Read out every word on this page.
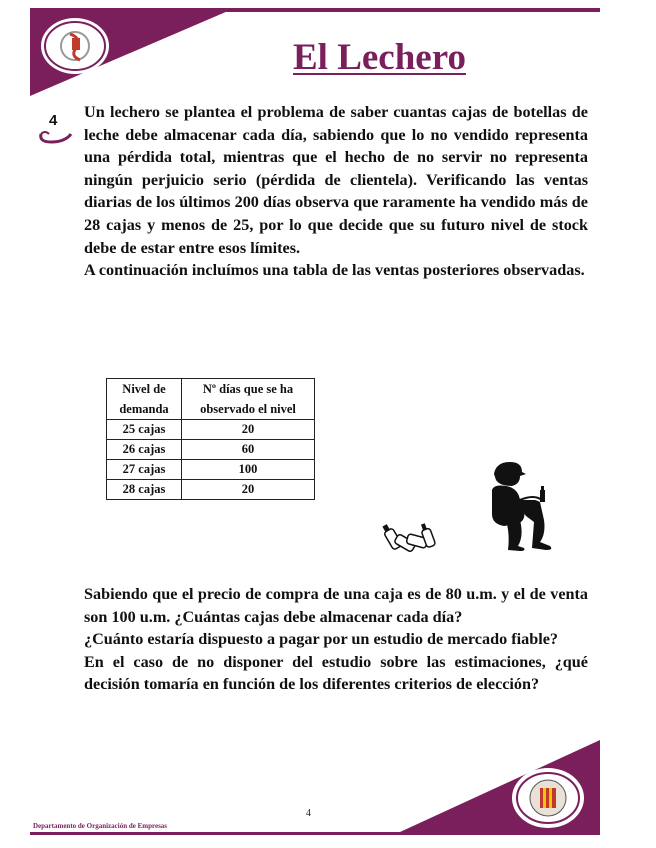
El Lechero
4 Un lechero se plantea el problema de saber cuantas cajas de botellas de leche debe almacenar cada día, sabiendo que lo no vendido representa una pérdida total, mientras que el hecho de no servir no representa ningún perjuicio serio (pérdida de clientela). Verificando las ventas diarias de los últimos 200 días observa que raramente ha vendido más de 28 cajas y menos de 25, por lo que decide que su futuro nivel de stock debe de estar entre esos límites.

A continuación incluímos una tabla de las ventas posteriores observadas.

Nivel de demanda	Nº días que se ha observado el nivel
25 cajas	20
26 cajas	60
27 cajas	100
28 cajas	20

Sabiendo que el precio de compra de una caja es de 80 u.m. y el de venta son 100 u.m. ¿Cuántas cajas debe almacenar cada día?

¿Cuánto estaría dispuesto a pagar por un estudio de mercado fiable?

En el caso de no disponer del estudio sobre las estimaciones, ¿qué decisión tomaría en función de los diferentes criterios de elección?

4
Departamento de Organización de Empresas
